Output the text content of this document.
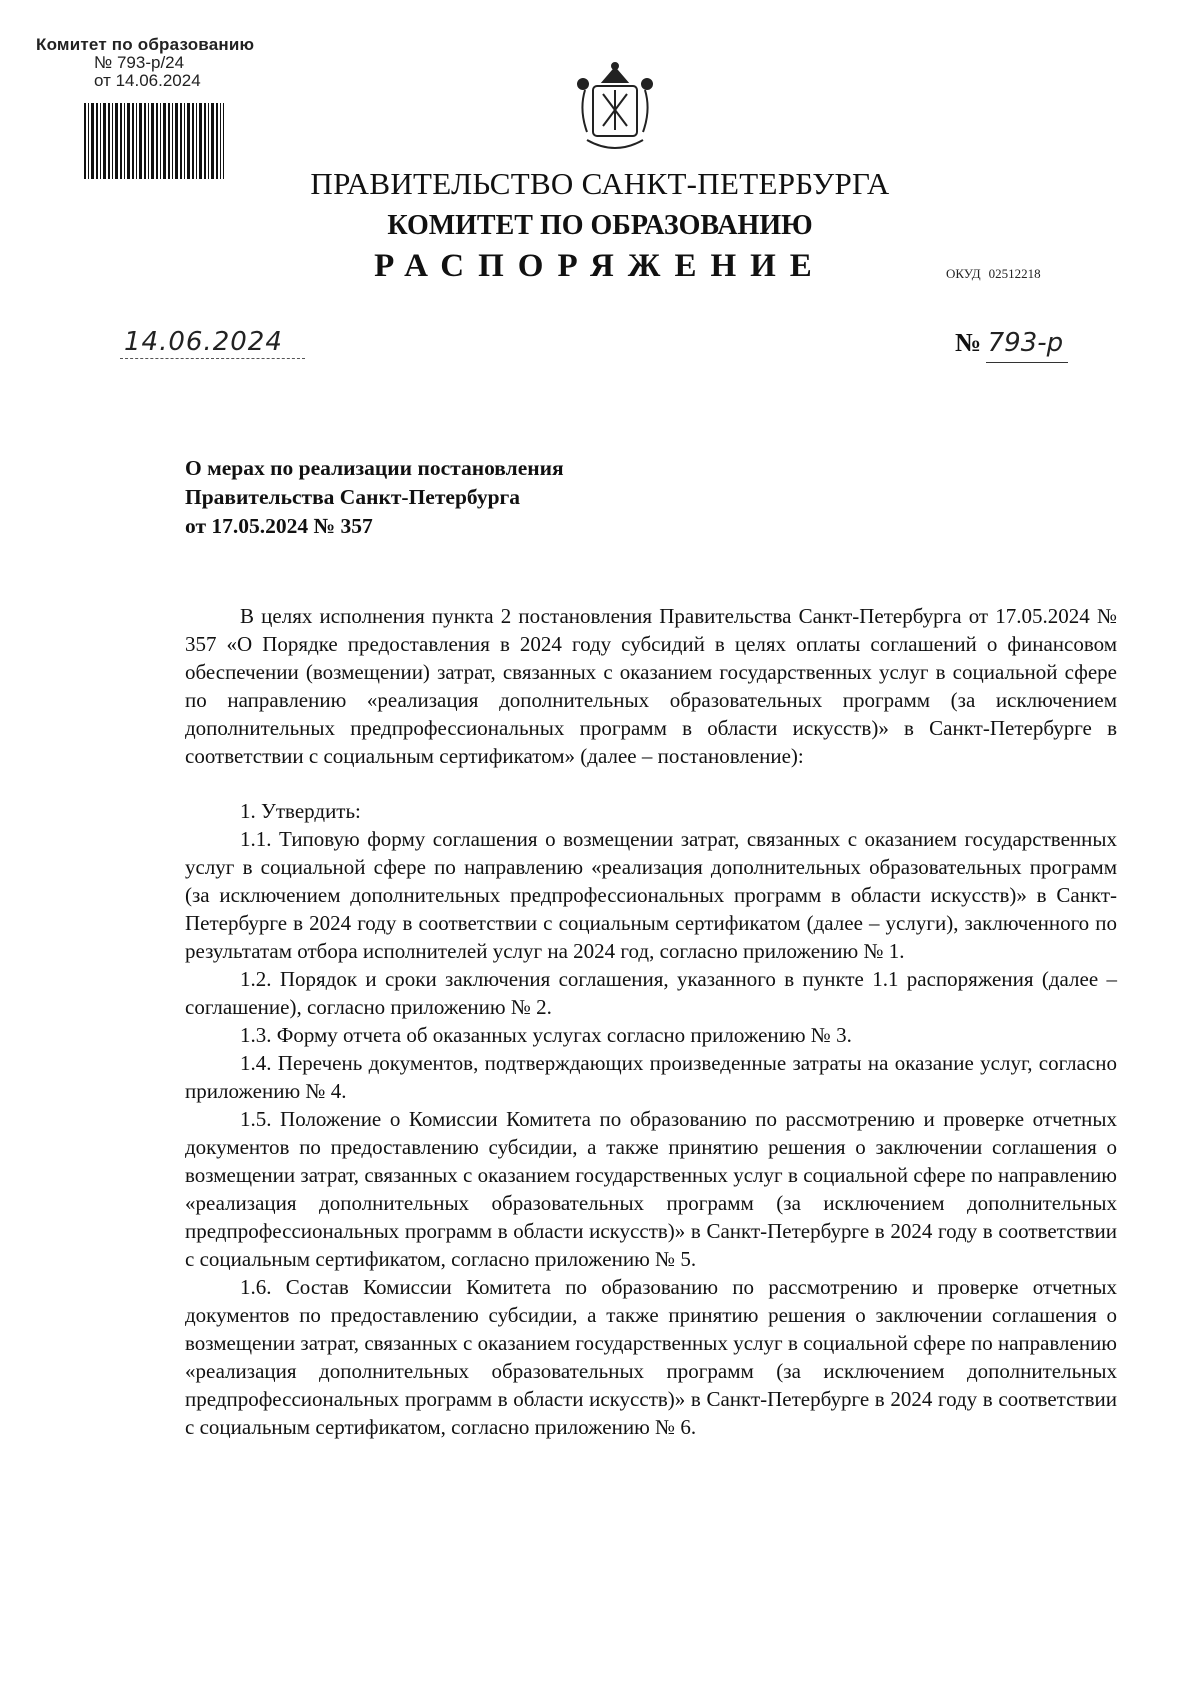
Комитет по образованию
№ 793-р/24
от 14.06.2024
ПРАВИТЕЛЬСТВО САНКТ-ПЕТЕРБУРГА
КОМИТЕТ ПО ОБРАЗОВАНИЮ
РАСПОРЯЖЕНИЕ	ОКУД 02512218
14.06.2024	№ 793-р
О мерах по реализации постановления
Правительства Санкт-Петербурга
от 17.05.2024 № 357

В целях исполнения пункта 2 постановления Правительства Санкт-Петербурга от 17.05.2024 № 357 «О Порядке предоставления в 2024 году субсидий в целях оплаты соглашений о финансовом обеспечении (возмещении) затрат, связанных с оказанием государственных услуг в социальной сфере по направлению «реализация дополнительных образовательных программ (за исключением дополнительных предпрофессиональных программ в области искусств)» в Санкт-Петербурге в соответствии с социальным сертификатом» (далее – постановление):

1. Утвердить:

1.1. Типовую форму соглашения о возмещении затрат, связанных с оказанием государственных услуг в социальной сфере по направлению «реализация дополнительных образовательных программ (за исключением дополнительных предпрофессиональных программ в области искусств)» в Санкт-Петербурге в 2024 году в соответствии с социальным сертификатом (далее – услуги), заключенного по результатам отбора исполнителей услуг на 2024 год, согласно приложению № 1.

1.2. Порядок и сроки заключения соглашения, указанного в пункте 1.1 распоряжения (далее – соглашение), согласно приложению № 2.

1.3. Форму отчета об оказанных услугах согласно приложению № 3.

1.4. Перечень документов, подтверждающих произведенные затраты на оказание услуг, согласно приложению № 4.

1.5. Положение о Комиссии Комитета по образованию по рассмотрению и проверке отчетных документов по предоставлению субсидии, а также принятию решения о заключении соглашения о возмещении затрат, связанных с оказанием государственных услуг в социальной сфере по направлению «реализация дополнительных образовательных программ (за исключением дополнительных предпрофессиональных программ в области искусств)» в Санкт-Петербурге в 2024 году в соответствии с социальным сертификатом, согласно приложению № 5.

1.6. Состав Комиссии Комитета по образованию по рассмотрению и проверке отчетных документов по предоставлению субсидии, а также принятию решения о заключении соглашения о возмещении затрат, связанных с оказанием государственных услуг в социальной сфере по направлению «реализация дополнительных образовательных программ (за исключением дополнительных предпрофессиональных программ в области искусств)» в Санкт-Петербурге в 2024 году в соответствии с социальным сертификатом, согласно приложению № 6.
